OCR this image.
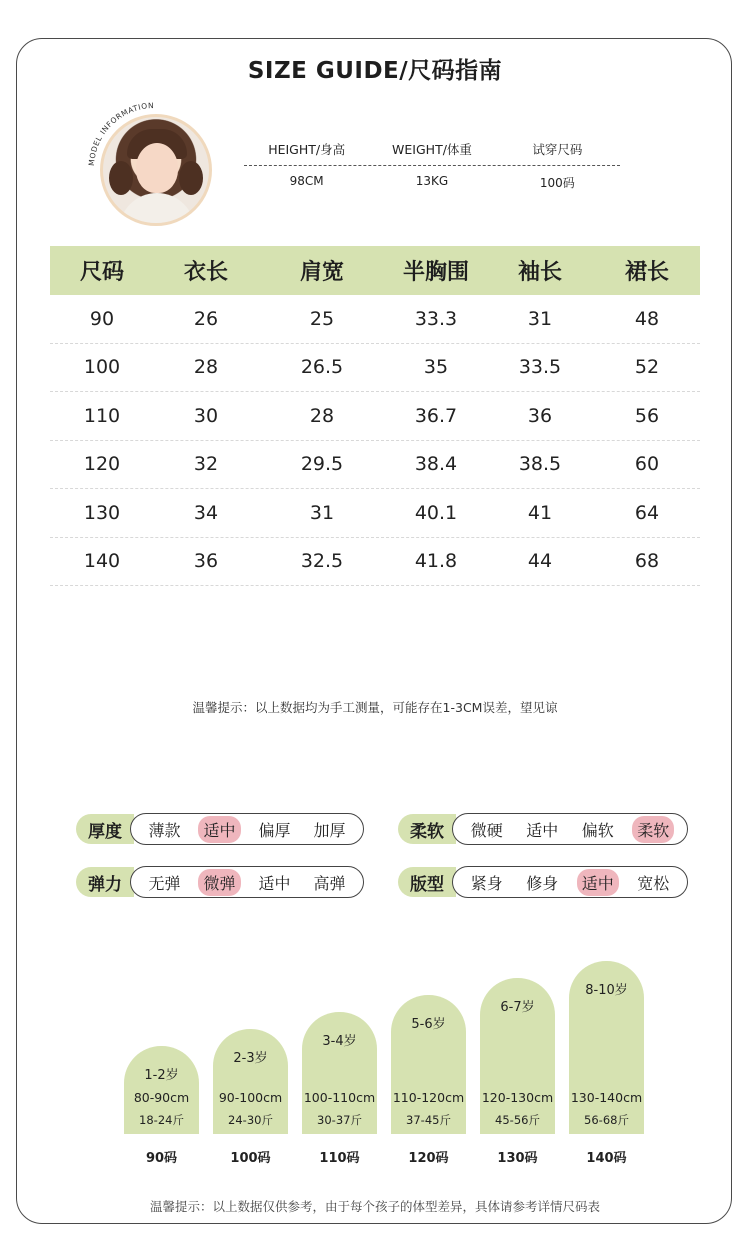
SIZE GUIDE/尺码指南
MODEL INFORMATION
HEIGHT/身高	WEIGHT/体重	试穿尺码
98CM	13KG	100码
尺码	衣长	肩宽	半胸围	袖长	裙长
90	26	25	33.3	31	48
100	28	26.5	35	33.5	52
110	30	28	36.7	36	56
120	32	29.5	38.4	38.5	60
130	34	31	40.1	41	64
140	36	32.5	41.8	44	68
温馨提示：以上数据均为手工测量，可能存在1-3CM误差，望见谅
厚度	薄款	适中	偏厚	加厚	柔软	微硬	适中	偏软	柔软
弹力	无弹	微弹	适中	高弹	版型	紧身	修身	适中	宽松
1-2岁
80-90cm
18-24斤
2-3岁
90-100cm
24-30斤
3-4岁
100-110cm
30-37斤
5-6岁
110-120cm
37-45斤
6-7岁
120-130cm
45-56斤
8-10岁
130-140cm
56-68斤
90码	100码	110码	120码	130码	140码
温馨提示：以上数据仅供参考，由于每个孩子的体型差异，具体请参考详情尺码表
